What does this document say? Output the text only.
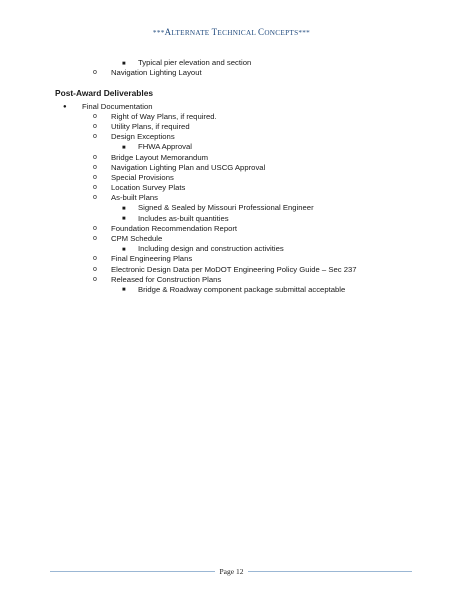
***ALTERNATE TECHNICAL CONCEPTS***
■ Typical pier elevation and section
o Navigation Lighting Layout
Post-Award Deliverables
● Final Documentation
o Right of Way Plans, if required.
o Utility Plans, if required
o Design Exceptions
■ FHWA Approval
o Bridge Layout Memorandum
o Navigation Lighting Plan and USCG Approval
o Special Provisions
o Location Survey Plats
o As-built Plans
■ Signed & Sealed by Missouri Professional Engineer
■ Includes as-built quantities
o Foundation Recommendation Report
o CPM Schedule
■ Including design and construction activities
o Final Engineering Plans
o Electronic Design Data per MoDOT Engineering Policy Guide – Sec 237
o Released for Construction Plans
■ Bridge & Roadway component package submittal acceptable
Page 12
